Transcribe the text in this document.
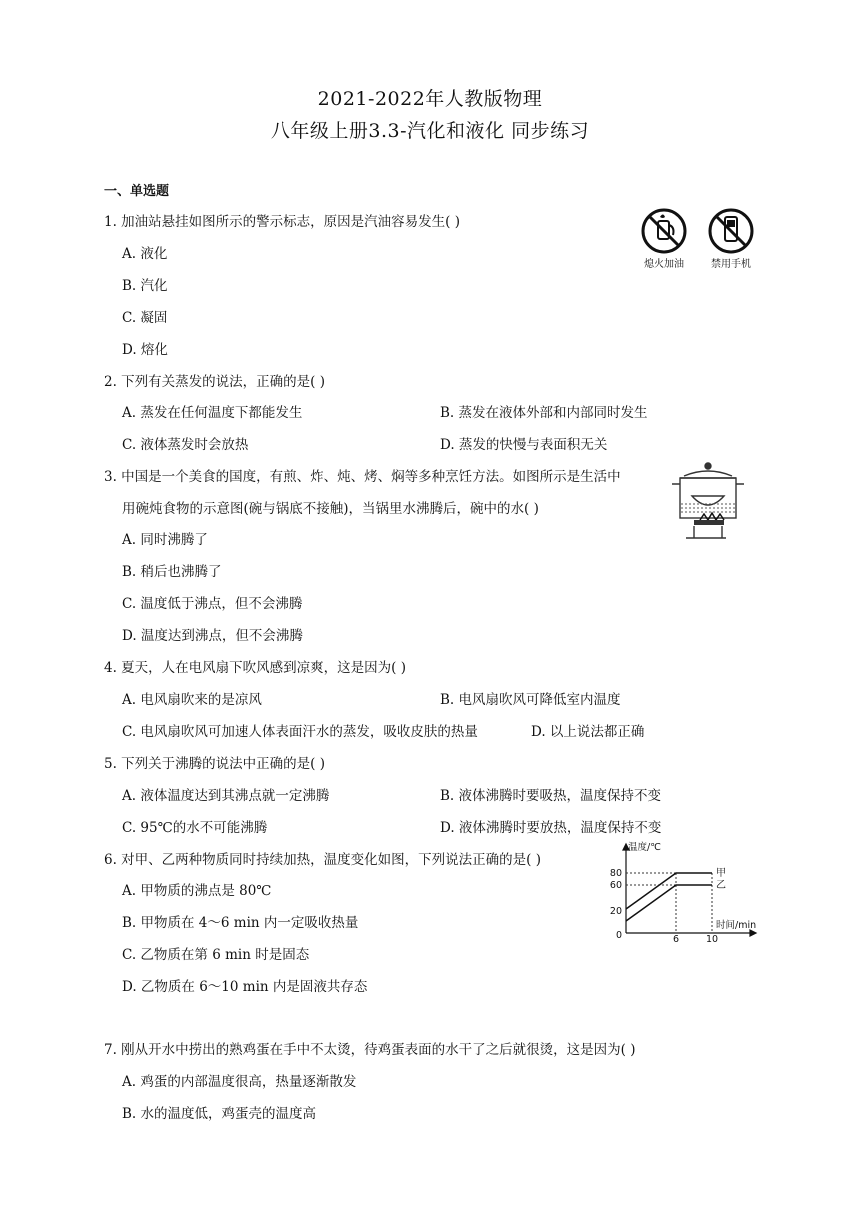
2021-2022年人教版物理
八年级上册3.3-汽化和液化 同步练习
一、单选题
1. 加油站悬挂如图所示的警示标志，原因是汽油容易发生( )
A. 液化
B. 汽化
C. 凝固
D. 熔化
熄火加油	禁用手机
2. 下列有关蒸发的说法，正确的是( )
A. 蒸发在任何温度下都能发生	B. 蒸发在液体外部和内部同时发生
C. 液体蒸发时会放热	D. 蒸发的快慢与表面积无关
3. 中国是一个美食的国度，有煎、炸、炖、烤、焖等多种烹饪方法。如图所示是生活中
用碗炖食物的示意图(碗与锅底不接触)，当锅里水沸腾后，碗中的水( )
A. 同时沸腾了
B. 稍后也沸腾了
C. 温度低于沸点，但不会沸腾
D. 温度达到沸点，但不会沸腾
4. 夏天，人在电风扇下吹风感到凉爽，这是因为( )
A. 电风扇吹来的是凉风	B. 电风扇吹风可降低室内温度
C. 电风扇吹风可加速人体表面汗水的蒸发，吸收皮肤的热量	D. 以上说法都正确
5. 下列关于沸腾的说法中正确的是( )
A. 液体温度达到其沸点就一定沸腾	B. 液体沸腾时要吸热，温度保持不变
C. 95℃的水不可能沸腾	D. 液体沸腾时要放热，温度保持不变
6. 对甲、乙两种物质同时持续加热，温度变化如图，下列说法正确的是( )
A. 甲物质的沸点是 80℃
B. 甲物质在 4～6 min 内一定吸收热量
C. 乙物质在第 6 min 时是固态
D. 乙物质在 6～10 min 内是固液共存态
温度/℃
时间/min
80
60
20
0	6	10
甲
乙
7. 刚从开水中捞出的熟鸡蛋在手中不太烫，待鸡蛋表面的水干了之后就很烫，这是因为( )
A. 鸡蛋的内部温度很高，热量逐渐散发
B. 水的温度低，鸡蛋壳的温度高
